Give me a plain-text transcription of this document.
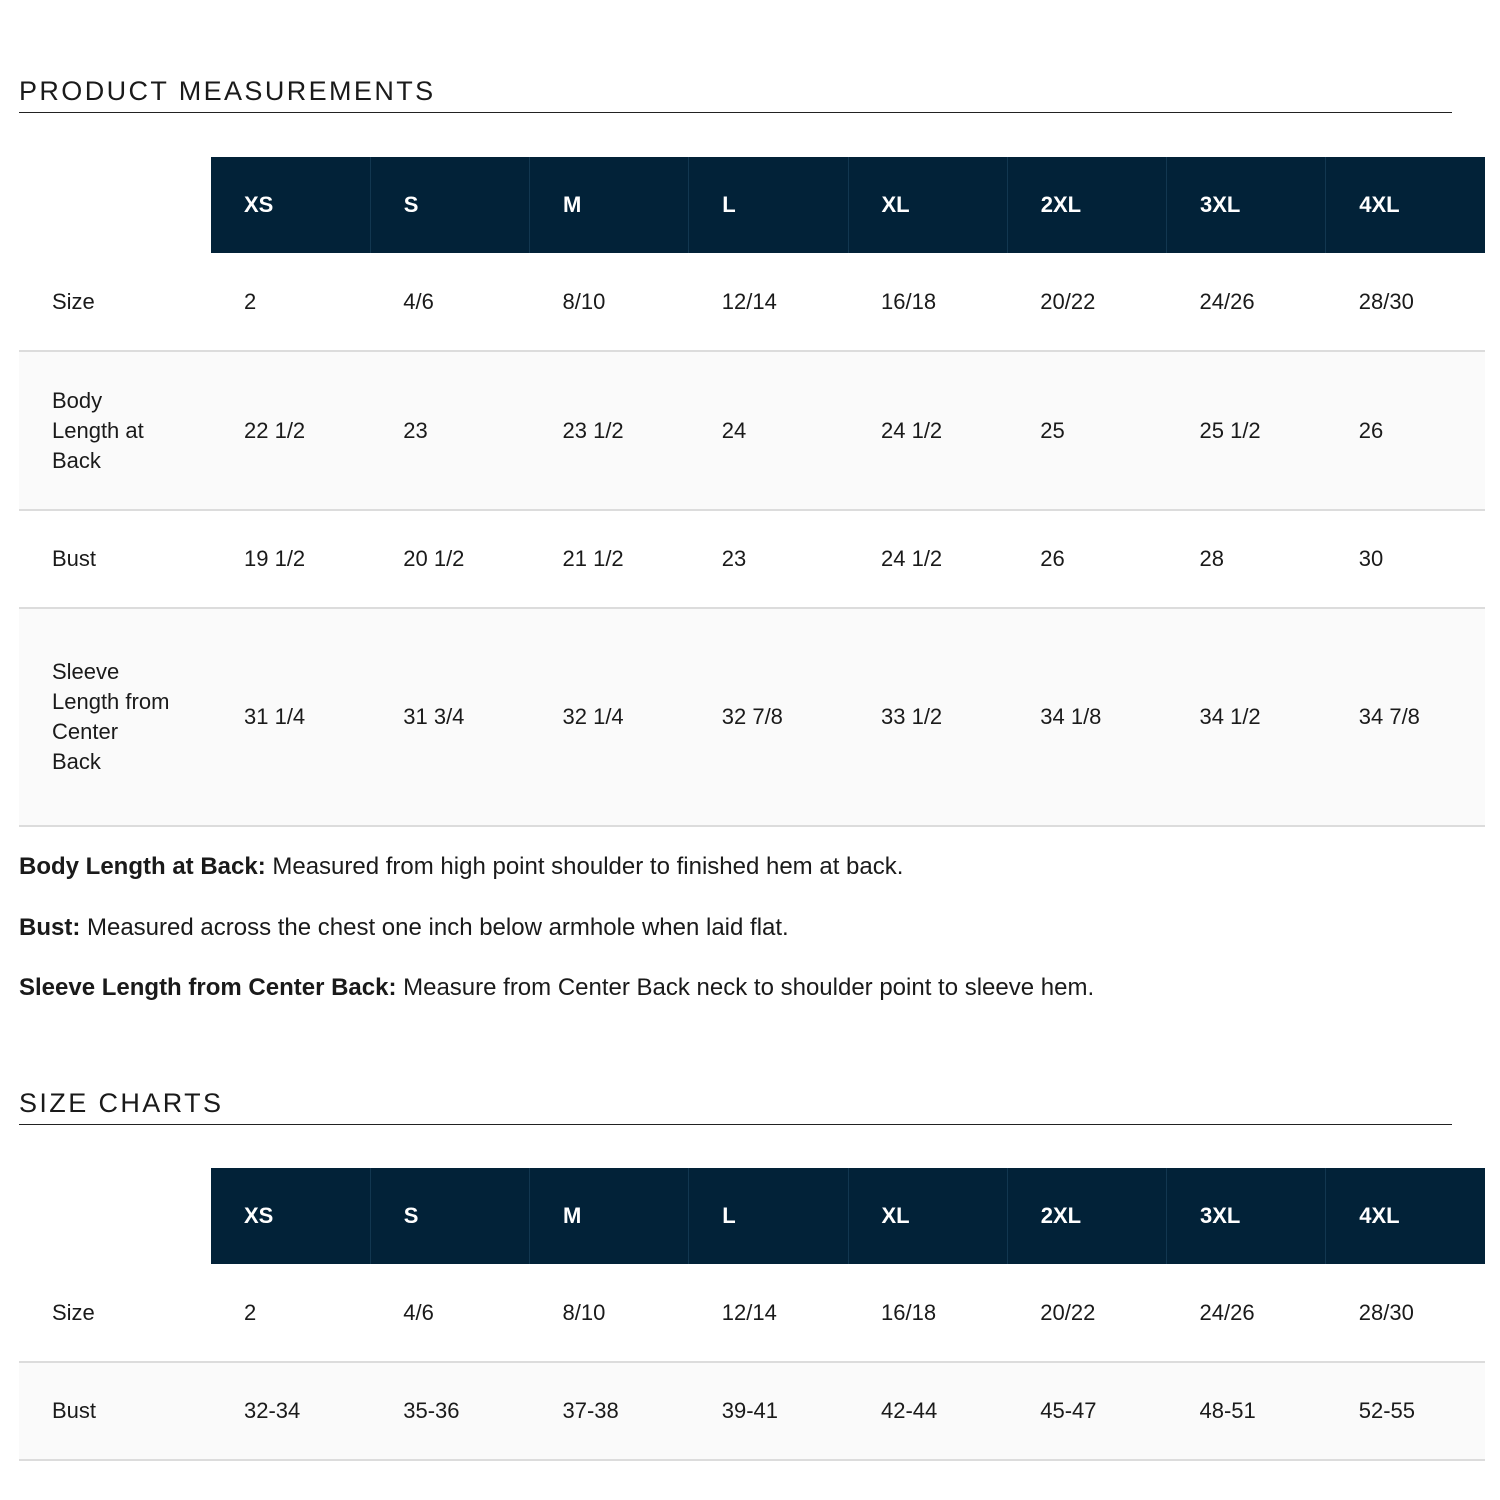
PRODUCT MEASUREMENTS
	XS	S	M	L	XL	2XL	3XL	4XL
Size	2	4/6	8/10	12/14	16/18	20/22	24/26	28/30
Body Length at Back	22 1/2	23	23 1/2	24	24 1/2	25	25 1/2	26
Bust	19 1/2	20 1/2	21 1/2	23	24 1/2	26	28	30
Sleeve Length from Center Back	31 1/4	31 3/4	32 1/4	32 7/8	33 1/2	34 1/8	34 1/2	34 7/8

Body Length at Back: Measured from high point shoulder to finished hem at back.

Bust: Measured across the chest one inch below armhole when laid flat.

Sleeve Length from Center Back: Measure from Center Back neck to shoulder point to sleeve hem.

SIZE CHARTS
	XS	S	M	L	XL	2XL	3XL	4XL
Size	2	4/6	8/10	12/14	16/18	20/22	24/26	28/30
Bust	32-34	35-36	37-38	39-41	42-44	45-47	48-51	52-55
